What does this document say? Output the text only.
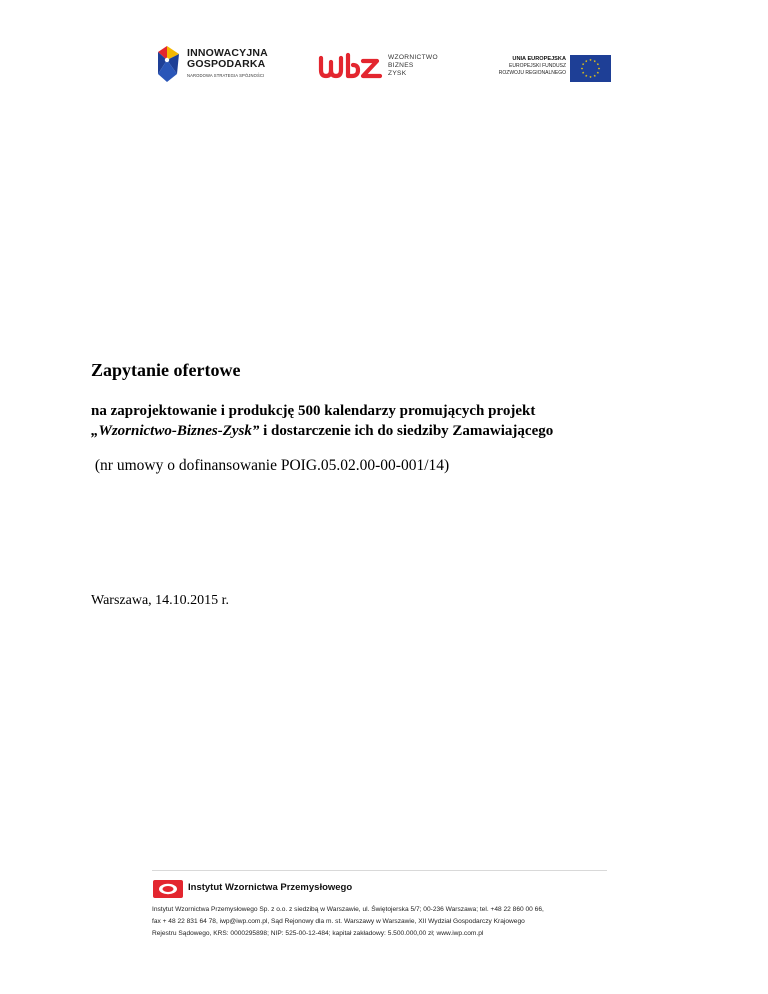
INNOWACYJNA
GOSPODARKA
NARODOWA STRATEGIA SPÓJNOŚCI
WZORNICTWO
BIZNES
ZYSK
UNIA EUROPEJSKA
EUROPEJSKI FUNDUSZ
ROZWOJU REGIONALNEGO
Zapytanie ofertowe

na zaprojektowanie i produkcję 500 kalendarzy promujących projekt
„Wzornictwo-Biznes-Zysk” i dostarczenie ich do siedziby Zamawiającego

(nr umowy o dofinansowanie POIG.05.02.00-00-001/14)

Warszawa, 14.10.2015 r.

Instytut Wzornictwa Przemysłowego
Instytut Wzornictwa Przemysłowego Sp. z o.o. z siedzibą w Warszawie, ul. Świętojerska 5/7; 00-236 Warszawa; tel. +48 22 860 00 66,
fax + 48 22 831 64 78, iwp@iwp.com.pl, Sąd Rejonowy dla m. st. Warszawy w Warszawie, XII Wydział Gospodarczy Krajowego
Rejestru Sądowego, KRS: 0000295898; NIP: 525-00-12-484; kapitał zakładowy: 5.500.000,00 zł; www.iwp.com.pl
